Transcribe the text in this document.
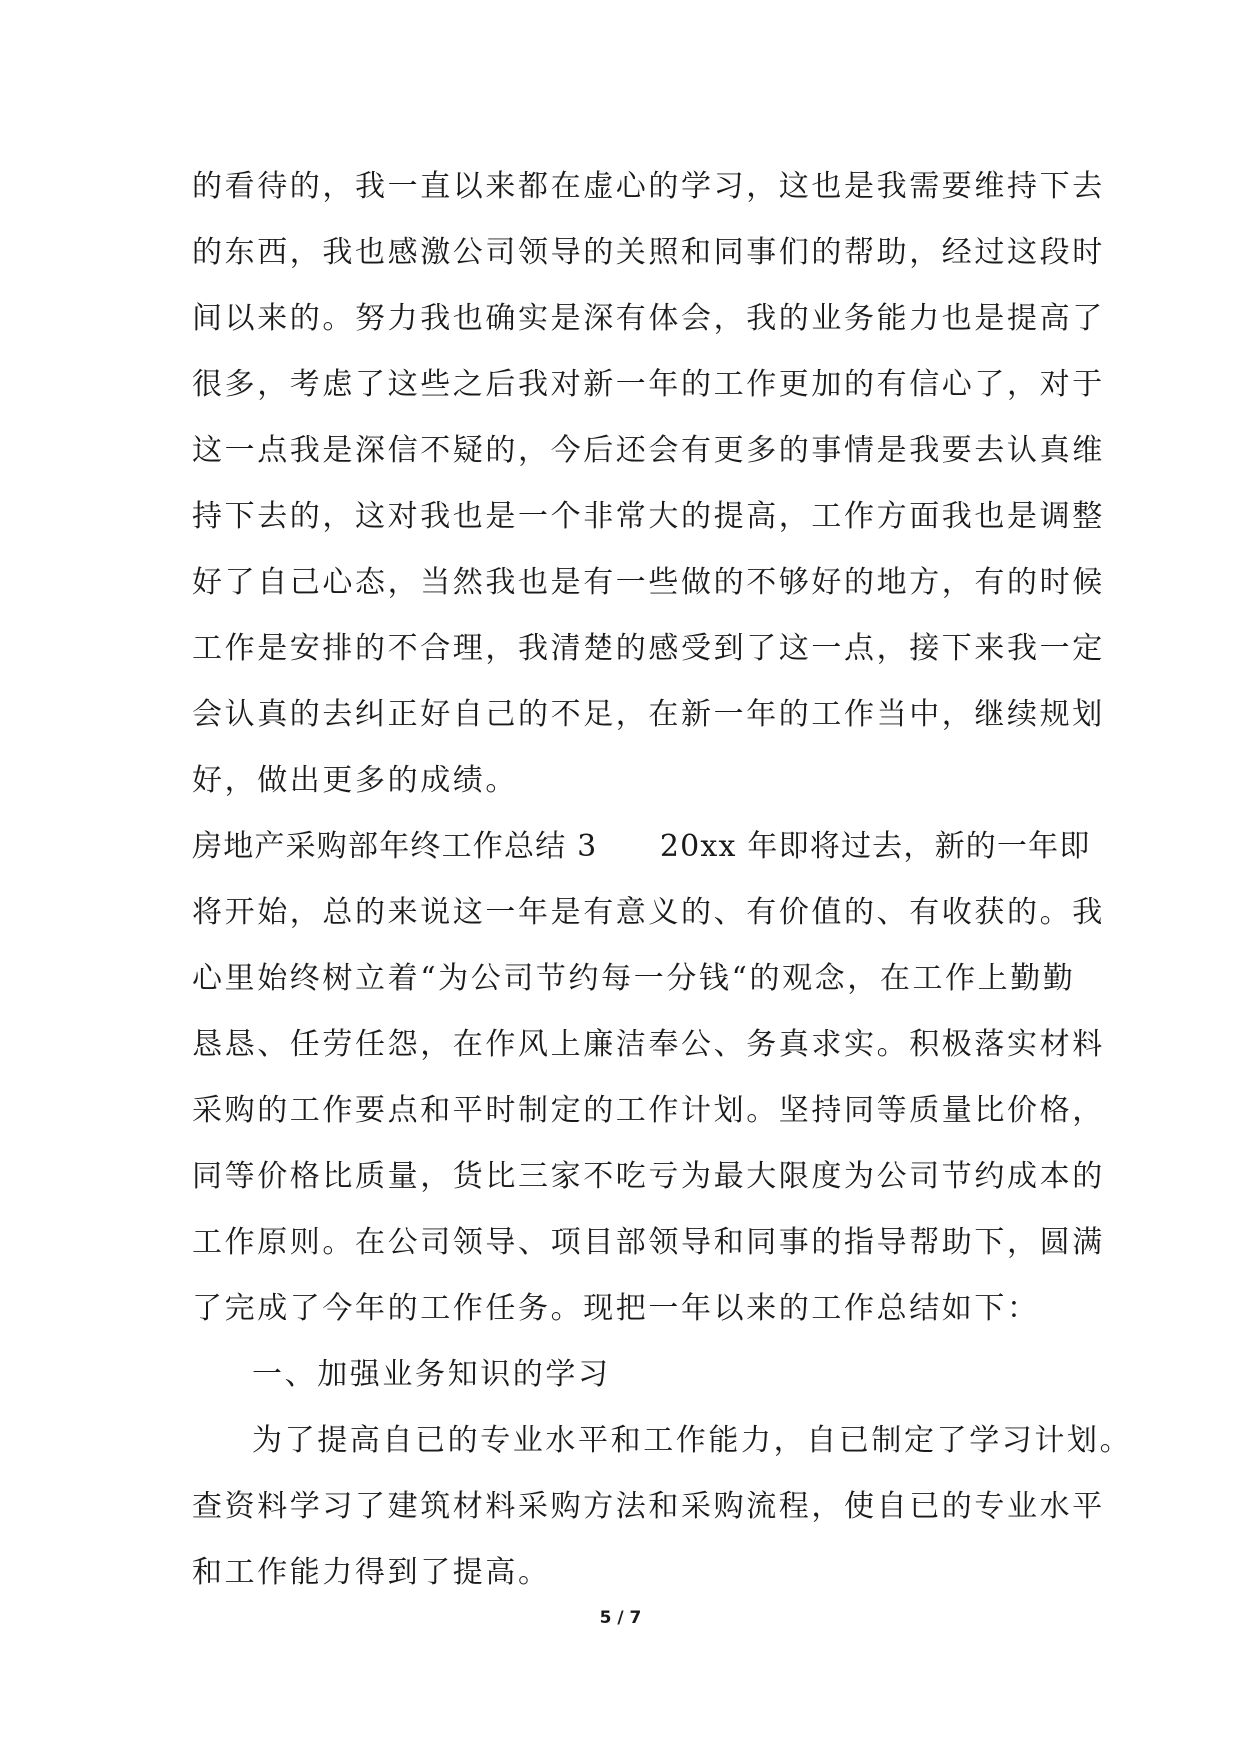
的看待的，我一直以来都在虚心的学习，这也是我需要维持下去
的东西，我也感激公司领导的关照和同事们的帮助，经过这段时
间以来的。努力我也确实是深有体会，我的业务能力也是提高了
很多，考虑了这些之后我对新一年的工作更加的有信心了，对于
这一点我是深信不疑的，今后还会有更多的事情是我要去认真维
持下去的，这对我也是一个非常大的提高，工作方面我也是调整
好了自己心态，当然我也是有一些做的不够好的地方，有的时候
工作是安排的不合理，我清楚的感受到了这一点，接下来我一定
会认真的去纠正好自己的不足，在新一年的工作当中，继续规划
好，做出更多的成绩。
房地产采购部年终工作总结 3　　20xx 年即将过去，新的一年即
将开始，总的来说这一年是有意义的、有价值的、有收获的。我
心里始终树立着“为公司节约每一分钱“的观念，在工作上勤勤
恳恳、任劳任怨，在作风上廉洁奉公、务真求实。积极落实材料
采购的工作要点和平时制定的工作计划。坚持同等质量比价格，
同等价格比质量，货比三家不吃亏为最大限度为公司节约成本的
工作原则。在公司领导、项目部领导和同事的指导帮助下，圆满
了完成了今年的工作任务。现把一年以来的工作总结如下：
一、加强业务知识的学习
为了提高自已的专业水平和工作能力，自已制定了学习计划。
查资料学习了建筑材料采购方法和采购流程，使自已的专业水平
和工作能力得到了提高。
5 / 7
